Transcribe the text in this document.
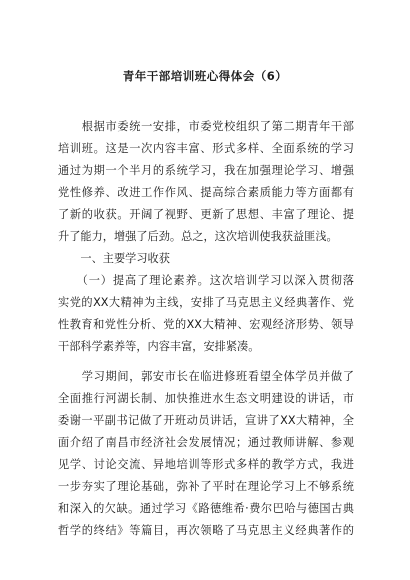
青年干部培训班心得体会（6）
　　根据市委统一安排，市委党校组织了第二期青年干部
培训班。这是一次内容丰富、形式多样、全面系统的学习
通过为期一个半月的系统学习，我在加强理论学习、增强
党性修养、改进工作作风、提高综合素质能力等方面都有
了新的收获。开阔了视野、更新了思想、丰富了理论、提
升了能力，增强了后劲。总之，这次培训使我获益匪浅。
　　一、主要学习收获
　　（一）提高了理论素养。这次培训学习以深入贯彻落
实党的XX大精神为主线，安排了马克思主义经典著作、党
性教育和党性分析、党的XX大精神、宏观经济形势、领导
干部科学素养等，内容丰富，安排紧凑。
　　学习期间，郭安市长在临进修班看望全体学员并做了
全面推行河湖长制、加快推进水生态文明建设的讲话，市
委谢一平副书记做了开班动员讲话，宣讲了XX大精神，全
面介绍了南昌市经济社会发展情况；通过教师讲解、参观
见学、讨论交流、异地培训等形式多样的教学方式，我进
一步夯实了理论基础，弥补了平时在理论学习上不够系统
和深入的欠缺。通过学习《路德维希·费尔巴哈与德国古典
哲学的终结》等篇目，再次领略了马克思主义经典著作的
